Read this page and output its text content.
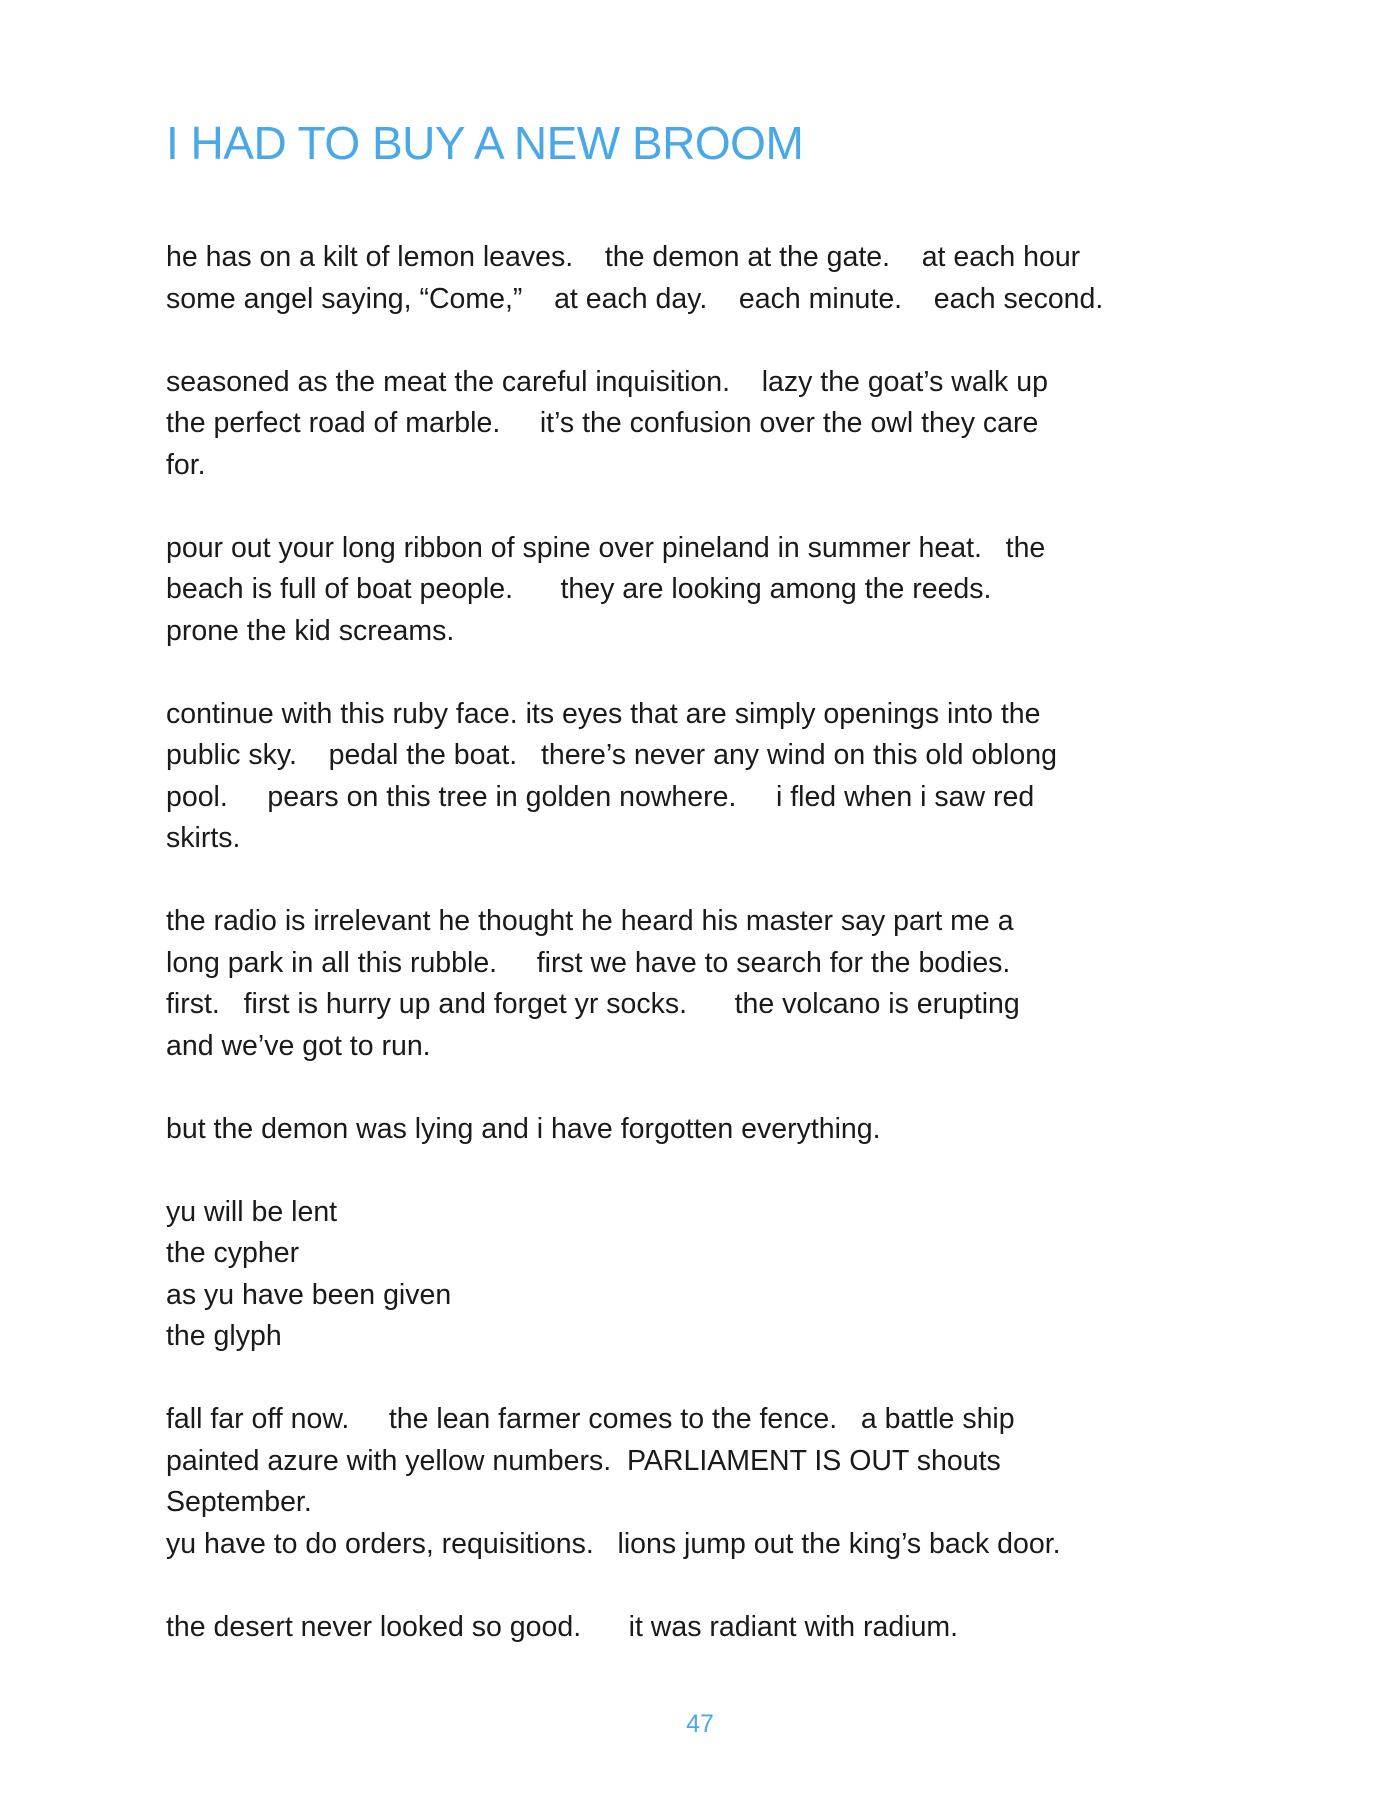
I HAD TO BUY A NEW BROOM

he has on a kilt of lemon leaves.    the demon at the gate.    at each hour
some angel saying, “Come,”    at each day.    each minute.    each second.

seasoned as the meat the careful inquisition.    lazy the goat’s walk up
the perfect road of marble.     it’s the confusion over the owl they care
for.

pour out your long ribbon of spine over pineland in summer heat.   the
beach is full of boat people.      they are looking among the reeds.
prone the kid screams.

continue with this ruby face. its eyes that are simply openings into the
public sky.    pedal the boat.   there’s never any wind on this old oblong
pool.     pears on this tree in golden nowhere.     i fled when i saw red
skirts.

the radio is irrelevant he thought he heard his master say part me a
long park in all this rubble.     first we have to search for the bodies.
first.   first is hurry up and forget yr socks.      the volcano is erupting
and we’ve got to run.

but the demon was lying and i have forgotten everything.

yu will be lent
the cypher
as yu have been given
the glyph

fall far off now.     the lean farmer comes to the fence.   a battle ship
painted azure with yellow numbers.  PARLIAMENT IS OUT shouts
September.
yu have to do orders, requisitions.   lions jump out the king’s back door.

the desert never looked so good.      it was radiant with radium.

47
